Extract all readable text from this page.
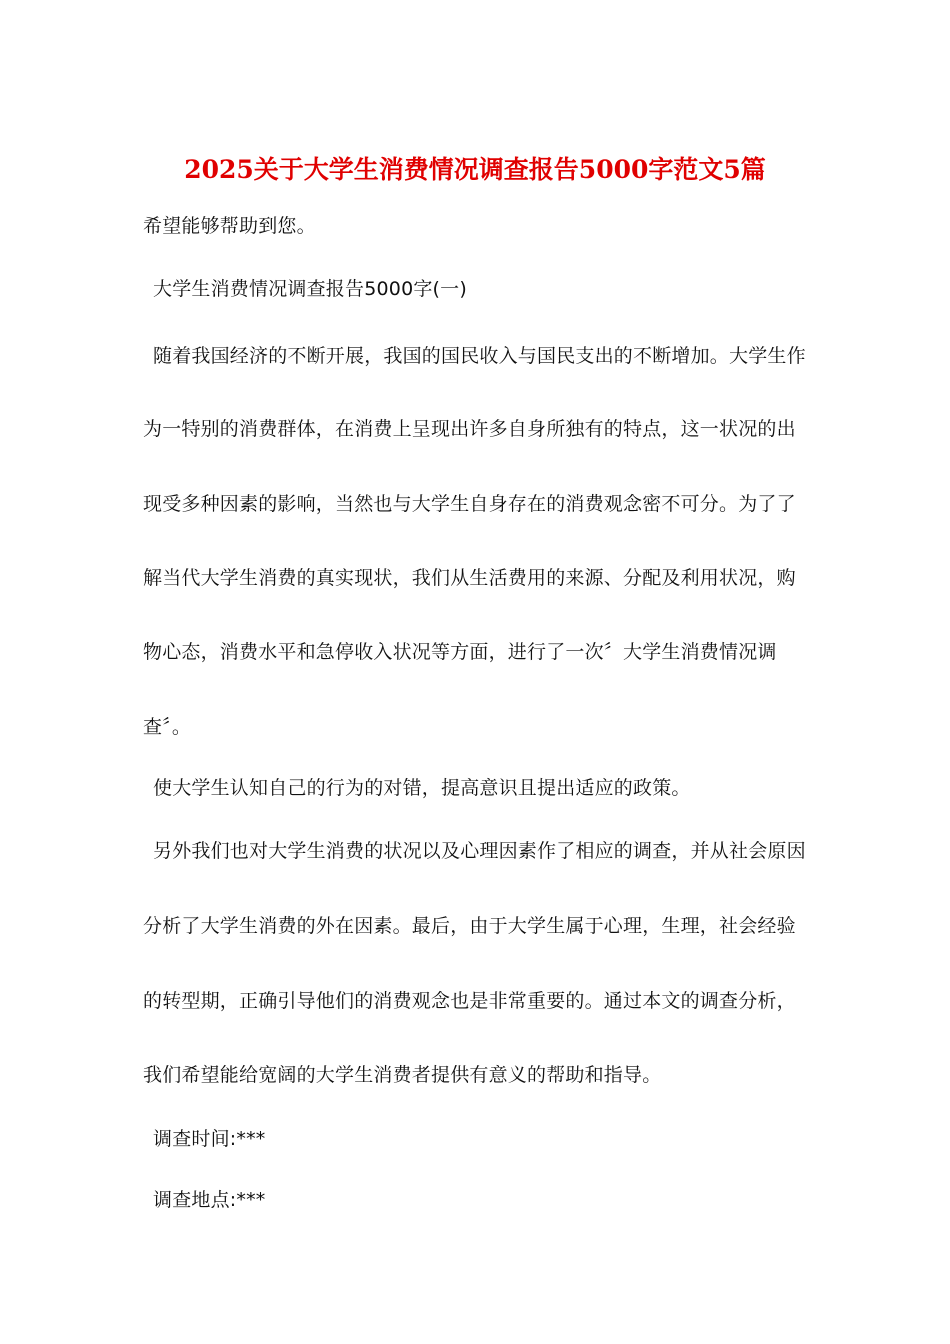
2025关于大学生消费情况调查报告5000字范文5篇
希望能够帮助到您。
大学生消费情况调查报告5000字(一)
随着我国经济的不断开展，我国的国民收入与国民支出的不断增加。大学生作
为一特别的消费群体，在消费上呈现出许多自身所独有的特点，这一状况的出
现受多种因素的影响，当然也与大学生自身存在的消费观念密不可分。为了了
解当代大学生消费的真实现状，我们从生活费用的来源、分配及利用状况，购
物心态，消费水平和急停收入状况等方面，进行了一次〞大学生消费情况调
查〞。
使大学生认知自己的行为的对错，提高意识且提出适应的政策。
另外我们也对大学生消费的状况以及心理因素作了相应的调查，并从社会原因
分析了大学生消费的外在因素。最后，由于大学生属于心理，生理，社会经验
的转型期，正确引导他们的消费观念也是非常重要的。通过本文的调查分析，
我们希望能给宽阔的大学生消费者提供有意义的帮助和指导。
调查时间:***
调查地点:***
